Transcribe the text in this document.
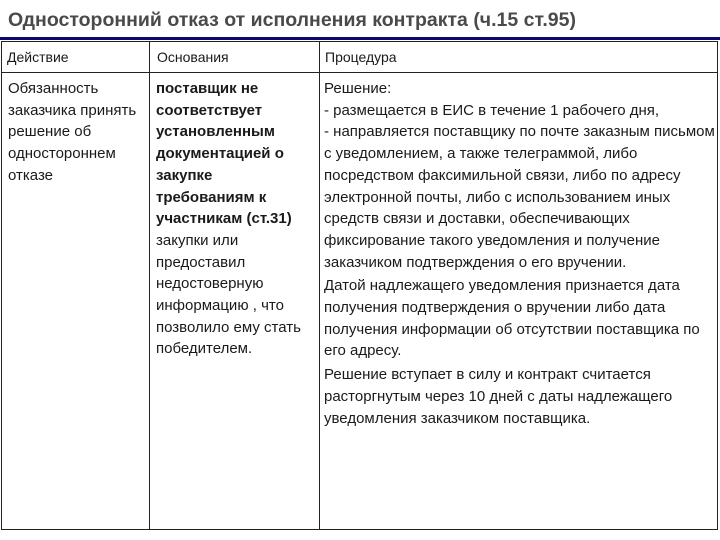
Односторонний отказ от исполнения контракта (ч.15 ст.95)
Действие	Основания	Процедура

Обязанность заказчика принять решение об одностороннем отказе	поставщик не соответствует установленным документацией о закупке требованиям к участникам (ст.31) закупки или предоставил недостоверную информацию , что позволило ему стать победителем.	Решение:

- размещается в ЕИС в течение 1 рабочего дня,

- направляется поставщику по почте заказным письмом с уведомлением, а также телеграммой, либо посредством факсимильной связи, либо по адресу электронной почты, либо с использованием иных средств связи и доставки, обеспечивающих фиксирование такого уведомления и получение заказчиком подтверждения о его вручении.

Датой надлежащего уведомления признается дата получения подтверждения о вручении либо дата получения информации об отсутствии поставщика по его адресу.

Решение вступает в силу и контракт считается расторгнутым через 10 дней с даты надлежащего уведомления заказчиком поставщика.
